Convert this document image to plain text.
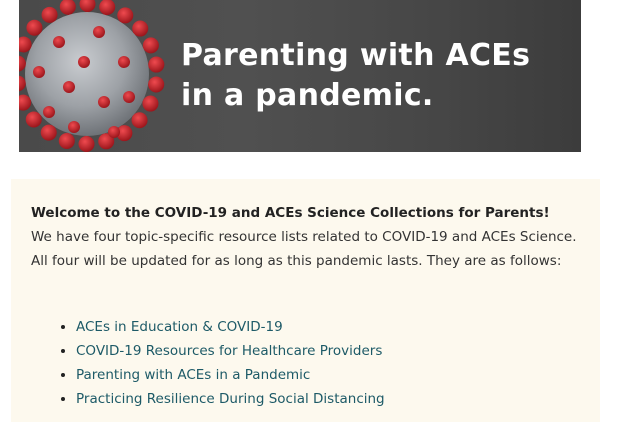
Parenting with ACEs
in a pandemic.
Welcome to the COVID-19 and ACEs Science Collections for Parents!
We have four topic-specific resource lists related to COVID-19 and ACEs Science. All four will be updated for as long as this pandemic lasts. They are as follows:
• ACEs in Education & COVID-19
• COVID-19 Resources for Healthcare Providers
• Parenting with ACEs in a Pandemic
• Practicing Resilience During Social Distancing
